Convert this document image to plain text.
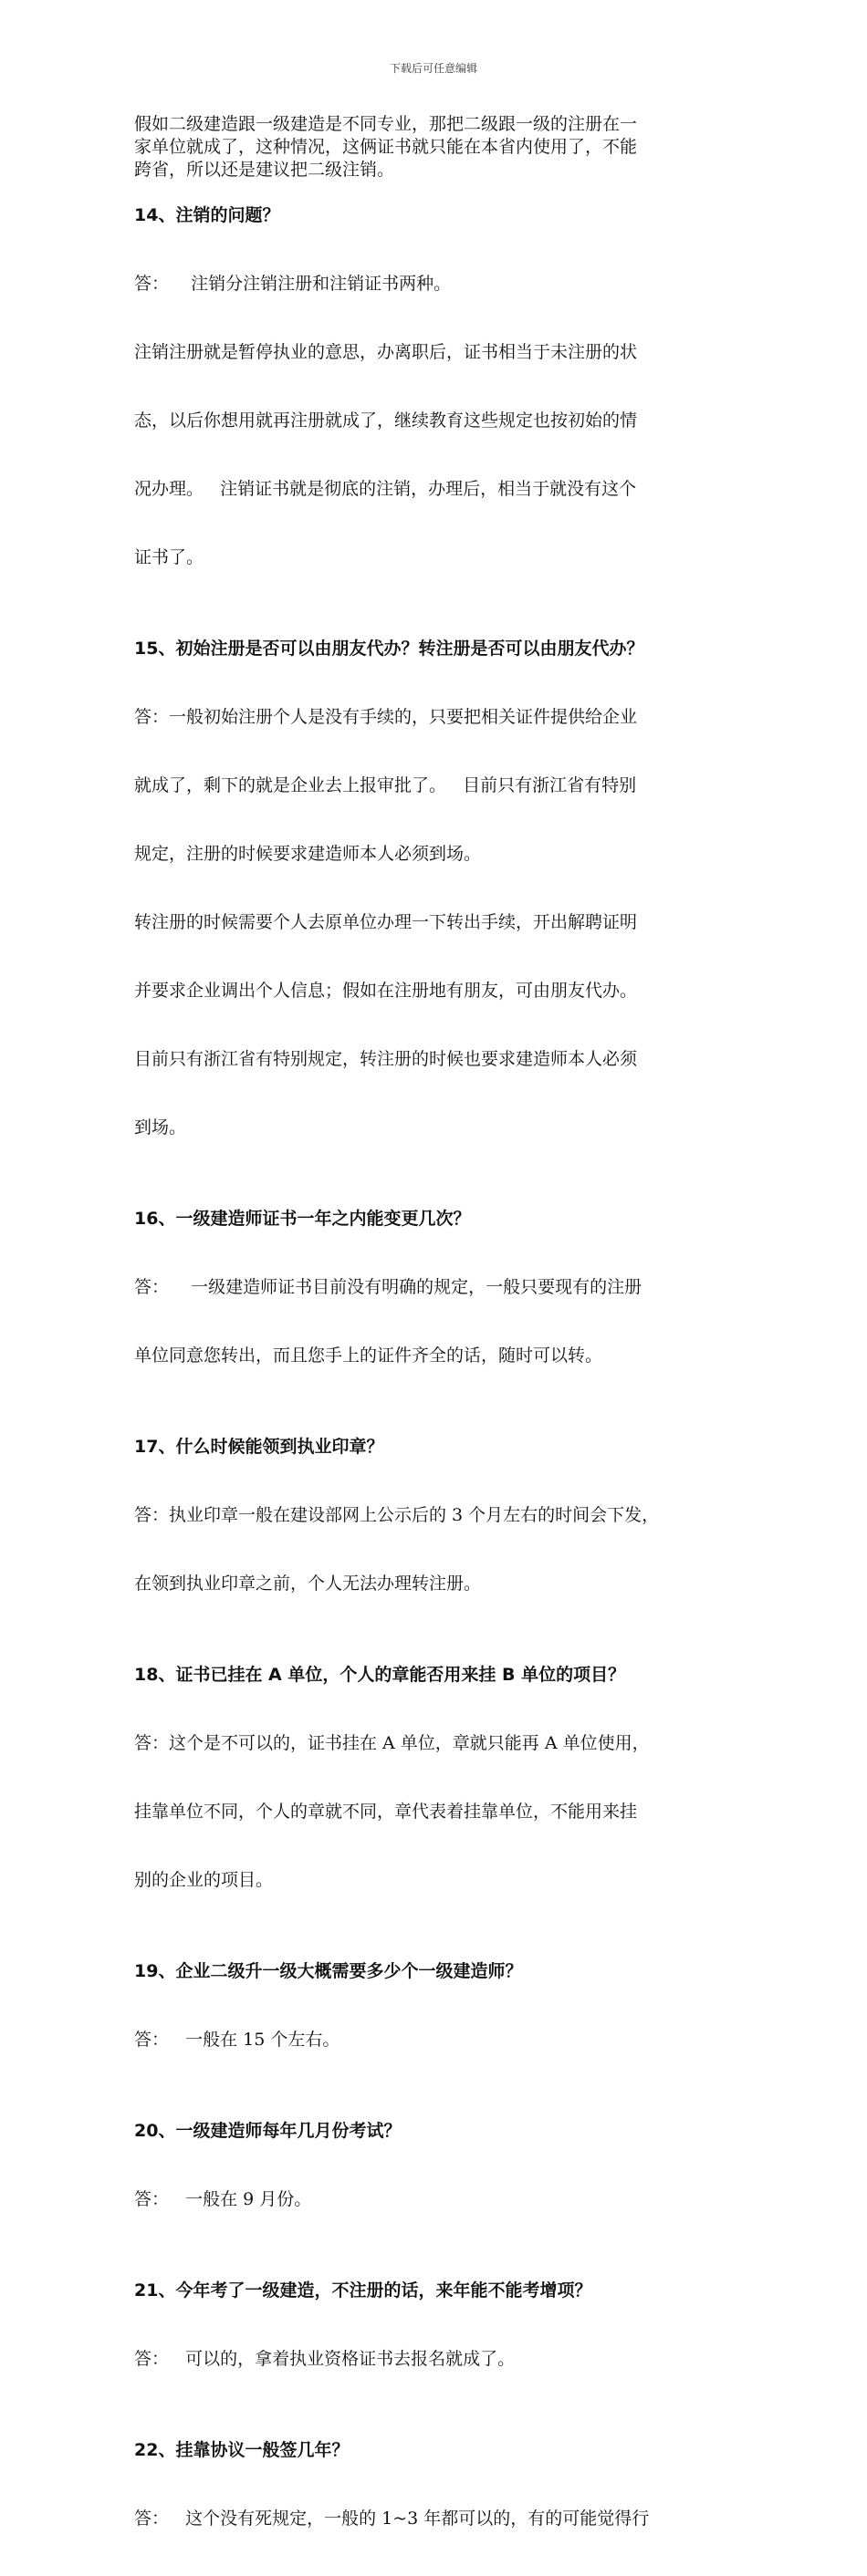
下载后可任意编辑
假如二级建造跟一级建造是不同专业，那把二级跟一级的注册在一
家单位就成了，这种情况，这俩证书就只能在本省内使用了，不能
跨省，所以还是建议把二级注销。

14、注销的问题？

答：    注销分注销注册和注销证书两种。

注销注册就是暂停执业的意思，办离职后，证书相当于未注册的状

态，以后你想用就再注册就成了，继续教育这些规定也按初始的情

况办理。   注销证书就是彻底的注销，办理后，相当于就没有这个

证书了。

15、初始注册是否可以由朋友代办？转注册是否可以由朋友代办？

答：一般初始注册个人是没有手续的，只要把相关证件提供给企业

就成了，剩下的就是企业去上报审批了。   目前只有浙江省有特别

规定，注册的时候要求建造师本人必须到场。

转注册的时候需要个人去原单位办理一下转出手续，开出解聘证明

并要求企业调出个人信息；假如在注册地有朋友，可由朋友代办。

目前只有浙江省有特别规定，转注册的时候也要求建造师本人必须

到场。

16、一级建造师证书一年之内能变更几次？

答：    一级建造师证书目前没有明确的规定，一般只要现有的注册

单位同意您转出，而且您手上的证件齐全的话，随时可以转。

17、什么时候能领到执业印章？

答：执业印章一般在建设部网上公示后的 3 个月左右的时间会下发，

在领到执业印章之前，个人无法办理转注册。

18、证书已挂在 A 单位，个人的章能否用来挂 B 单位的项目？

答：这个是不可以的，证书挂在 A 单位，章就只能再 A 单位使用，

挂靠单位不同，个人的章就不同，章代表着挂靠单位，不能用来挂

别的企业的项目。

19、企业二级升一级大概需要多少个一级建造师？

答：   一般在 15 个左右。

20、一级建造师每年几月份考试？

答：   一般在 9 月份。

21、今年考了一级建造，不注册的话，来年能不能考增项？

答：   可以的，拿着执业资格证书去报名就成了。

22、挂靠协议一般签几年？

答：   这个没有死规定，一般的 1~3 年都可以的，有的可能觉得行
